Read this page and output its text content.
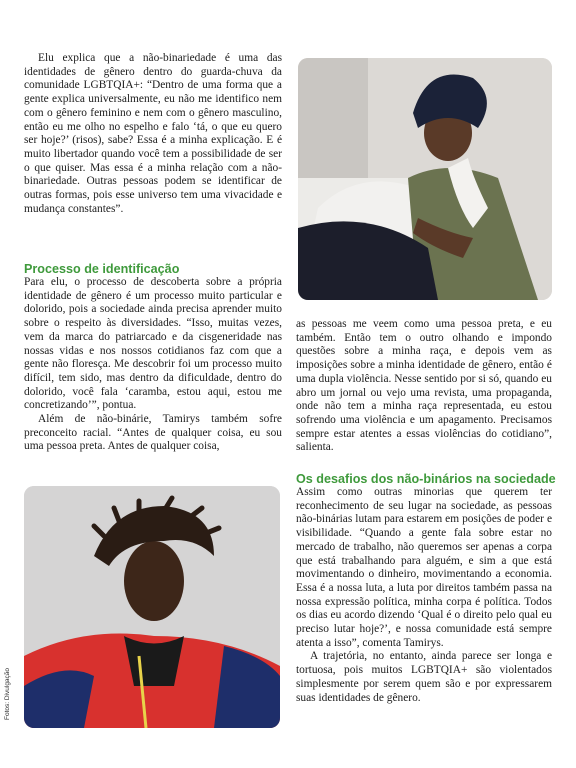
Elu explica que a não-binariedade é uma das identidades de gênero dentro do guarda-chuva da comunidade LGBTQIA+: “Dentro de uma forma que a gente explica universalmente, eu não me identifico nem com o gênero feminino e nem com o gênero masculino, então eu me olho no espelho e falo ‘tá, o que eu quero ser hoje?’ (risos), sabe? Essa é a minha explicação. E é muito libertador quando você tem a possibilidade de ser o que quiser. Mas essa é a minha relação com a não-binariedade. Outras pessoas podem se identificar de outras formas, pois esse universo tem uma vivacidade e mudança constantes”.

Processo de identificação

Para elu, o processo de descoberta sobre a própria identidade de gênero é um processo muito particular e dolorido, pois a sociedade ainda precisa aprender muito sobre o respeito às diversidades. “Isso, muitas vezes, vem da marca do patriarcado e da cisgeneridade nas nossas vidas e nos nossos cotidianos faz com que a gente não floresça. Me descobrir foi um processo muito difícil, tem sido, mas dentro da dificuldade, dentro do dolorido, você fala ‘caramba, estou aqui, estou me concretizando’”, pontua.

Além de não-binárie, Tamirys também sofre preconceito racial. “Antes de qualquer coisa, eu sou uma pessoa preta. Antes de qualquer coisa,

as pessoas me veem como uma pessoa preta, e eu também. Então tem o outro olhando e impondo questões sobre a minha raça, e depois vem as imposições sobre a minha identidade de gênero, então é uma dupla violência. Nesse sentido por si só, quando eu abro um jornal ou vejo uma revista, uma propaganda, onde não tem a minha raça representada, eu estou sofrendo uma violência e um apagamento. Precisamos sempre estar atentes a essas violências do cotidiano”, salienta.

Os desafios dos não-binários na sociedade

Assim como outras minorias que querem ter reconhecimento de seu lugar na sociedade, as pessoas não-binárias lutam para estarem em posições de poder e visibilidade. “Quando a gente fala sobre estar no mercado de trabalho, não queremos ser apenas a corpa que está trabalhando para alguém, e sim a que está movimentando o dinheiro, movimentando a economia. Essa é a nossa luta, a luta por direitos também passa na nossa expressão política, minha corpa é política. Todos os dias eu acordo dizendo ‘Qual é o direito pelo qual eu preciso lutar hoje?’, e nossa comunidade está sempre atenta a isso”, comenta Tamirys.

A trajetória, no entanto, ainda parece ser longa e tortuosa, pois muitos LGBTQIA+ são violentados simplesmente por serem quem são e por expressarem suas identidades de gênero.

Fotos: Divulgação
